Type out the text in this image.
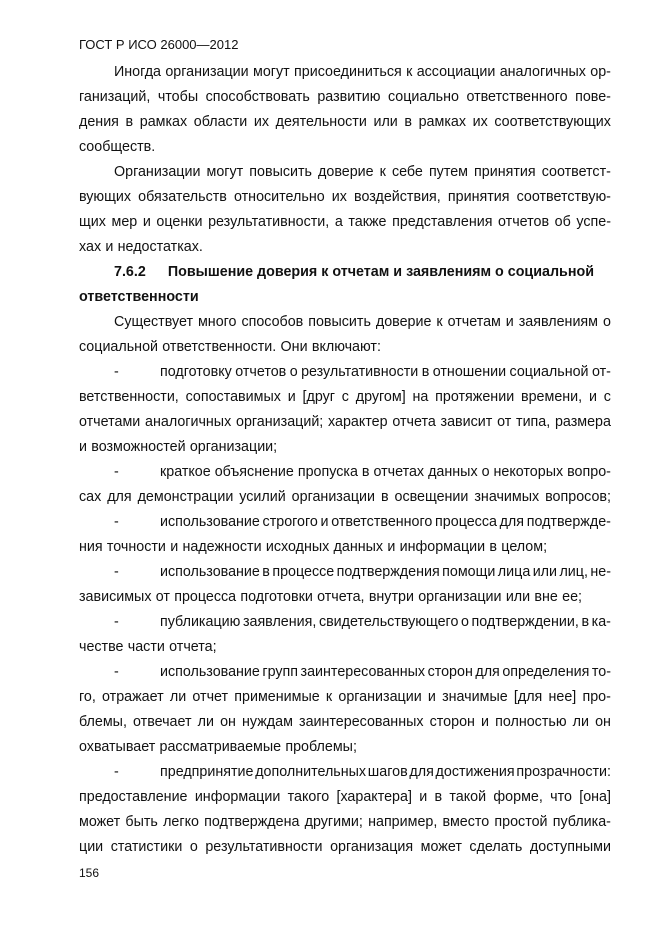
ГОСТ Р ИСО 26000—2012
Иногда организации могут присоединиться к ассоциации аналогичных ор-
ганизаций, чтобы способствовать развитию социально ответственного пове-
дения в рамках области их деятельности или в рамках их соответствующих
сообществ.
Организации могут повысить доверие к себе путем принятия соответст-
вующих обязательств относительно их воздействия, принятия соответствую-
щих мер и оценки результативности, а также представления отчетов об успе-
хах и недостатках.
7.6.2 Повышение доверия к отчетам и заявлениям о социальной
ответственности
Существует много способов повысить доверие к отчетам и заявлениям о
социальной ответственности. Они включают:
-	подготовку отчетов о результативности в отношении социальной от-
ветственности, сопоставимых и [друг с другом] на протяжении времени, и с
отчетами аналогичных организаций; характер отчета зависит от типа, размера
и возможностей организации;
-	краткое объяснение пропуска в отчетах данных о некоторых вопро-
сах для демонстрации усилий организации в освещении значимых вопросов;
-	использование строгого и ответственного процесса для подтвержде-
ния точности и надежности исходных данных и информации в целом;
-	использование в процессе подтверждения помощи лица или лиц, не-
зависимых от процесса подготовки отчета, внутри организации или вне ее;
-	публикацию заявления, свидетельствующего о подтверждении, в ка-
честве части отчета;
-	использование групп заинтересованных сторон для определения то-
го, отражает ли отчет применимые к организации и значимые [для нее] про-
блемы, отвечает ли он нуждам заинтересованных сторон и полностью ли он
охватывает рассматриваемые проблемы;
-	предпринятие дополнительных шагов для достижения прозрачности:
предоставление информации такого [характера] и в такой форме, что [она]
может быть легко подтверждена другими; например, вместо простой публика-
ции статистики о результативности организация может сделать доступными
156
